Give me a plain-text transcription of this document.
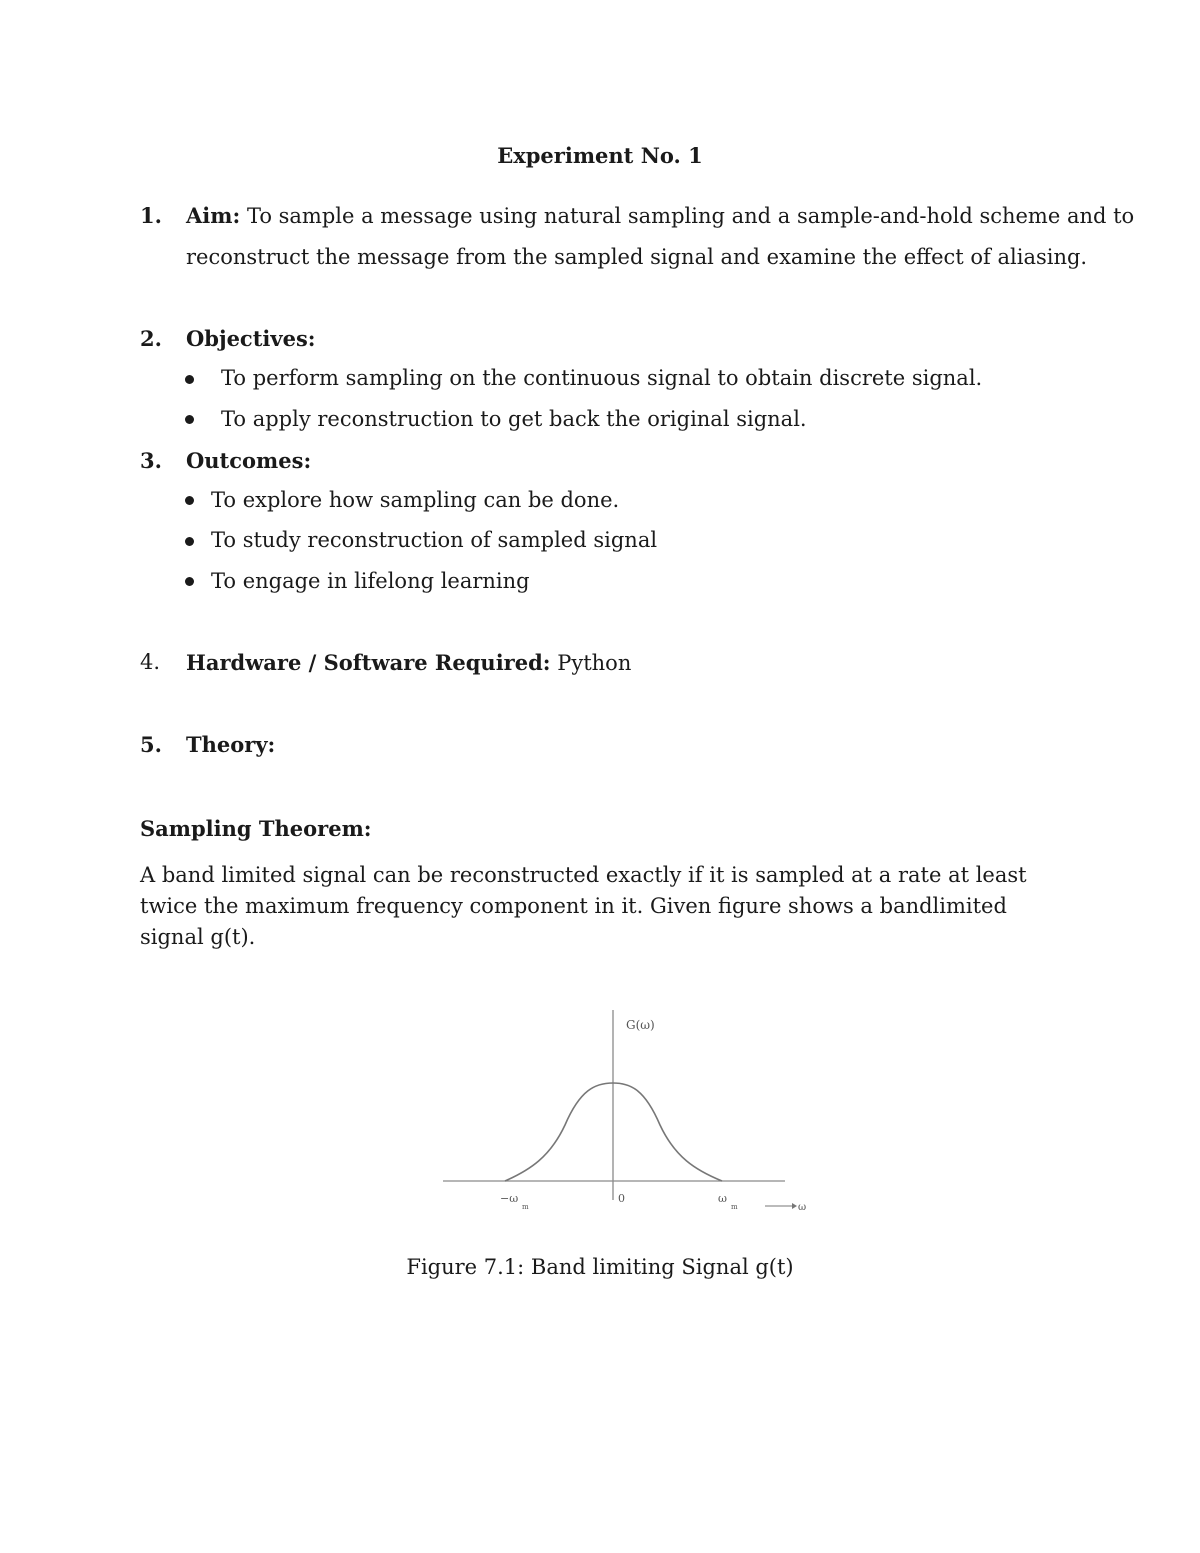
Experiment No. 1
1. Aim: To sample a message using natural sampling and a sample-and-hold scheme and to
reconstruct the message from the sampled signal and examine the effect of aliasing.
2. Objectives:
To perform sampling on the continuous signal to obtain discrete signal.
To apply reconstruction to get back the original signal.
3. Outcomes:
To explore how sampling can be done.
To study reconstruction of sampled signal
To engage in lifelong learning
4. Hardware / Software Required: Python
5. Theory:
Sampling Theorem:
A band limited signal can be reconstructed exactly if it is sampled at a rate at least
twice the maximum frequency component in it. Given figure shows a bandlimited
signal g(t).
G(ω)
−ω
m
0	ω
m	ω
Figure 7.1: Band limiting Signal g(t)
